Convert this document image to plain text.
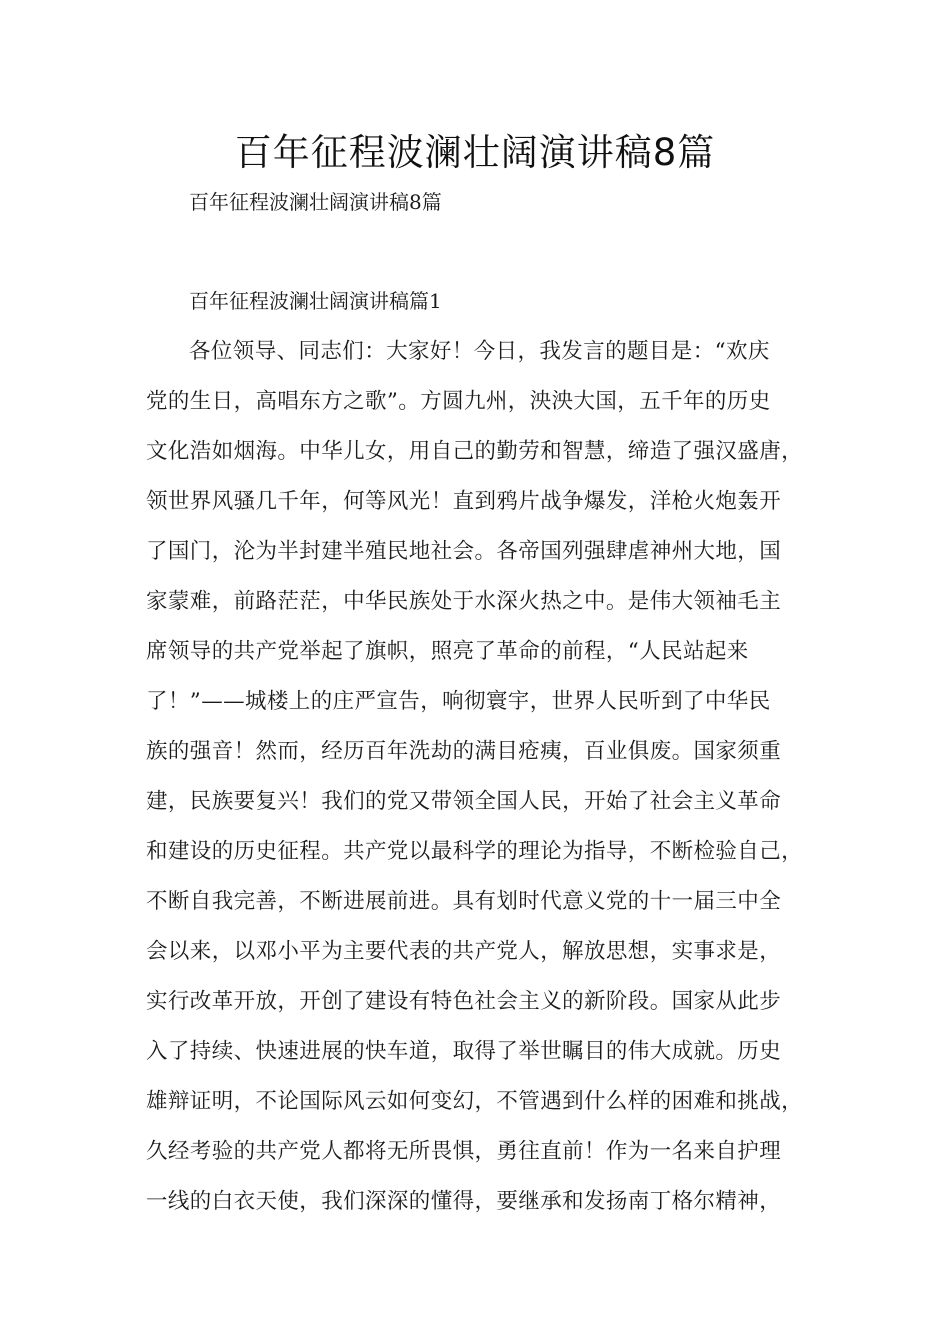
百年征程波澜壮阔演讲稿8篇

百年征程波澜壮阔演讲稿8篇

百年征程波澜壮阔演讲稿篇1
各位领导、同志们：大家好！今日，我发言的题目是：“欢庆
党的生日，高唱东方之歌”。方圆九州，泱泱大国，五千年的历史
文化浩如烟海。中华儿女，用自己的勤劳和智慧，缔造了强汉盛唐，
领世界风骚几千年，何等风光！直到鸦片战争爆发，洋枪火炮轰开
了国门，沦为半封建半殖民地社会。各帝国列强肆虐神州大地，国
家蒙难，前路茫茫，中华民族处于水深火热之中。是伟大领袖毛主
席领导的共产党举起了旗帜，照亮了革命的前程，“人民站起来
了！”——城楼上的庄严宣告，响彻寰宇，世界人民听到了中华民
族的强音！然而，经历百年洗劫的满目疮痍，百业俱废。国家须重
建，民族要复兴！我们的党又带领全国人民，开始了社会主义革命
和建设的历史征程。共产党以最科学的理论为指导，不断检验自己，
不断自我完善，不断进展前进。具有划时代意义党的十一届三中全
会以来，以邓小平为主要代表的共产党人，解放思想，实事求是，
实行改革开放，开创了建设有特色社会主义的新阶段。国家从此步
入了持续、快速进展的快车道，取得了举世瞩目的伟大成就。历史
雄辩证明，不论国际风云如何变幻，不管遇到什么样的困难和挑战，
久经考验的共产党人都将无所畏惧，勇往直前！作为一名来自护理
一线的白衣天使，我们深深的懂得，要继承和发扬南丁格尔精神，
